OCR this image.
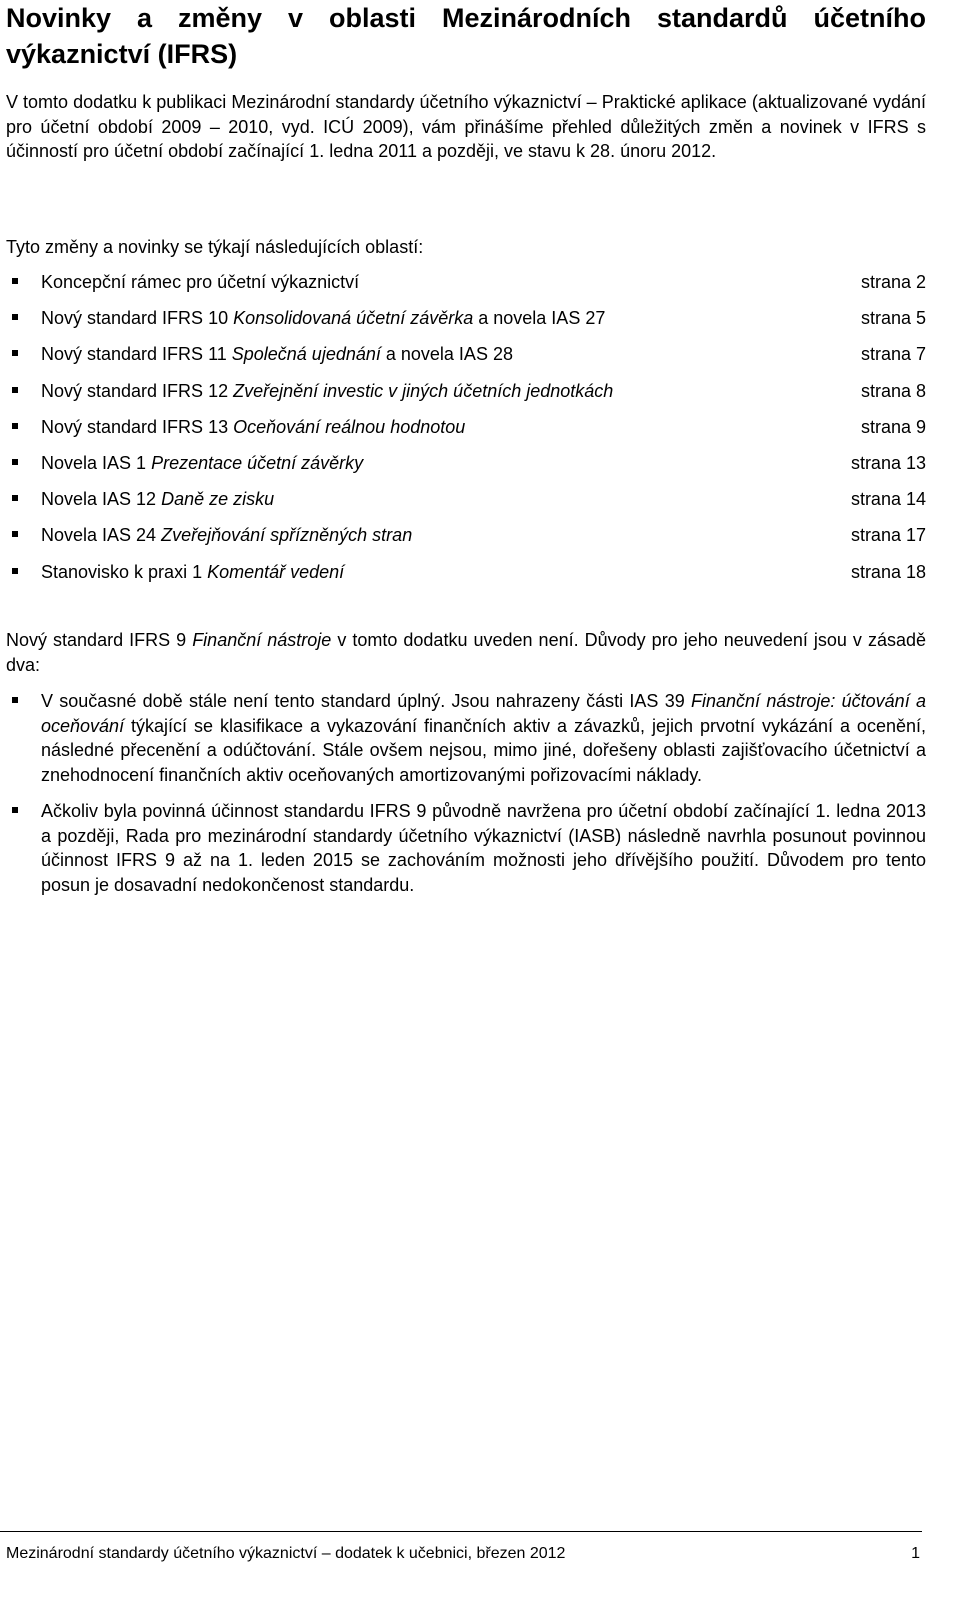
Novinky a změny v oblasti Mezinárodních standardů účetního výkaznictví (IFRS)

V tomto dodatku k publikaci Mezinárodní standardy účetního výkaznictví – Praktické aplikace (aktualizované vydání pro účetní období 2009 – 2010, vyd. ICÚ 2009), vám přinášíme přehled důležitých změn a novinek v IFRS s účinností pro účetní období začínající 1. ledna 2011 a později, ve stavu k 28. únoru 2012.

Tyto změny a novinky se týkají následujících oblastí:

Koncepční rámec pro účetní výkaznictví	strana 2
Nový standard IFRS 10 Konsolidovaná účetní závěrka a novela IAS 27	strana 5
Nový standard IFRS 11 Společná ujednání a novela IAS 28	strana 7
Nový standard IFRS 12 Zveřejnění investic v jiných účetních jednotkách	strana 8
Nový standard IFRS 13 Oceňování reálnou hodnotou	strana 9
Novela IAS 1 Prezentace účetní závěrky	strana 13
Novela IAS 12 Daně ze zisku	strana 14
Novela IAS 24 Zveřejňování spřízněných stran	strana 17
Stanovisko k praxi 1 Komentář vedení	strana 18

Nový standard IFRS 9 Finanční nástroje v tomto dodatku uveden není. Důvody pro jeho neuvedení jsou v zásadě dva:

V současné době stále není tento standard úplný. Jsou nahrazeny části IAS 39 Finanční nástroje: účtování a oceňování týkající se klasifikace a vykazování finančních aktiv a závazků, jejich prvotní vykázání a ocenění, následné přecenění a odúčtování. Stále ovšem nejsou, mimo jiné, dořešeny oblasti zajišťovacího účetnictví a znehodnocení finančních aktiv oceňovaných amortizovanými pořizovacími náklady.
Ačkoliv byla povinná účinnost standardu IFRS 9 původně navržena pro účetní období začínající 1. ledna 2013 a později, Rada pro mezinárodní standardy účetního výkaznictví (IASB) následně navrhla posunout povinnou účinnost IFRS 9 až na 1. leden 2015 se zachováním možnosti jeho dřívějšího použití. Důvodem pro tento posun je dosavadní nedokončenost standardu.
Mezinárodní standardy účetního výkaznictví – dodatek k učebnici, březen 2012	1
